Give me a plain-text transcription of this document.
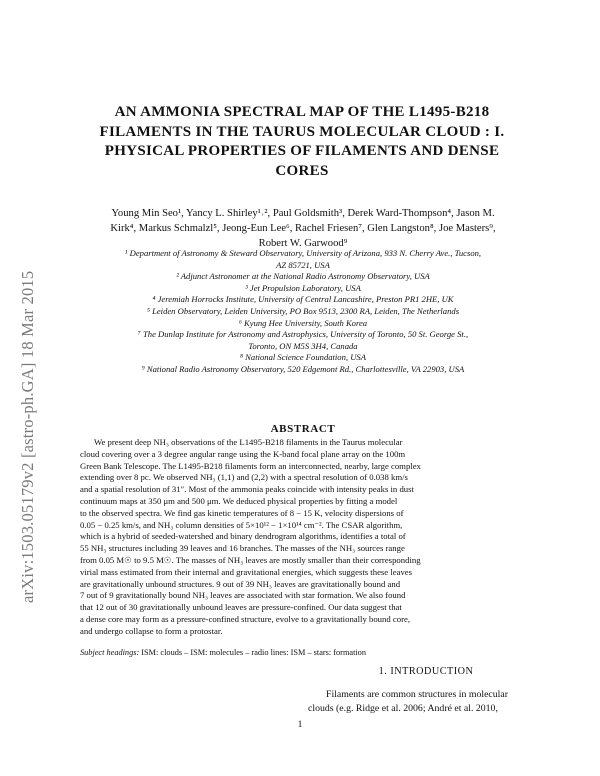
arXiv:1503.05179v2 [astro-ph.GA] 18 Mar 2015
AN AMMONIA SPECTRAL MAP OF THE L1495-B218
FILAMENTS IN THE TAURUS MOLECULAR CLOUD : I.
PHYSICAL PROPERTIES OF FILAMENTS AND DENSE
CORES
Young Min Seo¹, Yancy L. Shirley¹˒², Paul Goldsmith³, Derek Ward-Thompson⁴, Jason M.
Kirk⁴, Markus Schmalzl⁵, Jeong-Eun Lee⁶, Rachel Friesen⁷, Glen Langston⁸, Joe Masters⁹,
Robert W. Garwood⁹
¹ Department of Astronomy & Steward Observatory, University of Arizona, 933 N. Cherry Ave., Tucson,
AZ 85721, USA
² Adjunct Astronomer at the National Radio Astronomy Observatory, USA
³ Jet Propulsion Laboratory, USA
⁴ Jeremiah Horrocks Institute, University of Central Lancashire, Preston PR1 2HE, UK
⁵ Leiden Observatory, Leiden University, PO Box 9513, 2300 RA, Leiden, The Netherlands
⁶ Kyung Hee University, South Korea
⁷ The Dunlap Institute for Astronomy and Astrophysics, University of Toronto, 50 St. George St.,
Toronto, ON M5S 3H4, Canada
⁸ National Science Foundation, USA
⁹ National Radio Astronomy Observatory, 520 Edgemont Rd., Charlottesville, VA 22903, USA
ABSTRACT
We present deep NH₃ observations of the L1495-B218 filaments in the Taurus molecular
cloud covering over a 3 degree angular range using the K-band focal plane array on the 100m
Green Bank Telescope. The L1495-B218 filaments form an interconnected, nearby, large complex
extending over 8 pc. We observed NH₃ (1,1) and (2,2) with a spectral resolution of 0.038 km/s
and a spatial resolution of 31″. Most of the ammonia peaks coincide with intensity peaks in dust
continuum maps at 350 μm and 500 μm. We deduced physical properties by fitting a model
to the observed spectra. We find gas kinetic temperatures of 8 − 15 K, velocity dispersions of
0.05 − 0.25 km/s, and NH₃ column densities of 5×10¹² − 1×10¹⁴ cm⁻². The CSAR algorithm,
which is a hybrid of seeded-watershed and binary dendrogram algorithms, identifies a total of
55 NH₃ structures including 39 leaves and 16 branches. The masses of the NH₃ sources range
from 0.05 M☉ to 9.5 M☉. The masses of NH₃ leaves are mostly smaller than their corresponding
virial mass estimated from their internal and gravitational energies, which suggests these leaves
are gravitationally unbound structures. 9 out of 39 NH₃ leaves are gravitationally bound and
7 out of 9 gravitationally bound NH₃ leaves are associated with star formation. We also found
that 12 out of 30 gravitationally unbound leaves are pressure-confined. Our data suggest that
a dense core may form as a pressure-confined structure, evolve to a gravitationally bound core,
and undergo collapse to form a protostar.
Subject headings: ISM: clouds – ISM: molecules – radio lines: ISM – stars: formation
1. INTRODUCTION
Filaments are common structures in molecular
clouds (e.g. Ridge et al. 2006; André et al. 2010,
1
